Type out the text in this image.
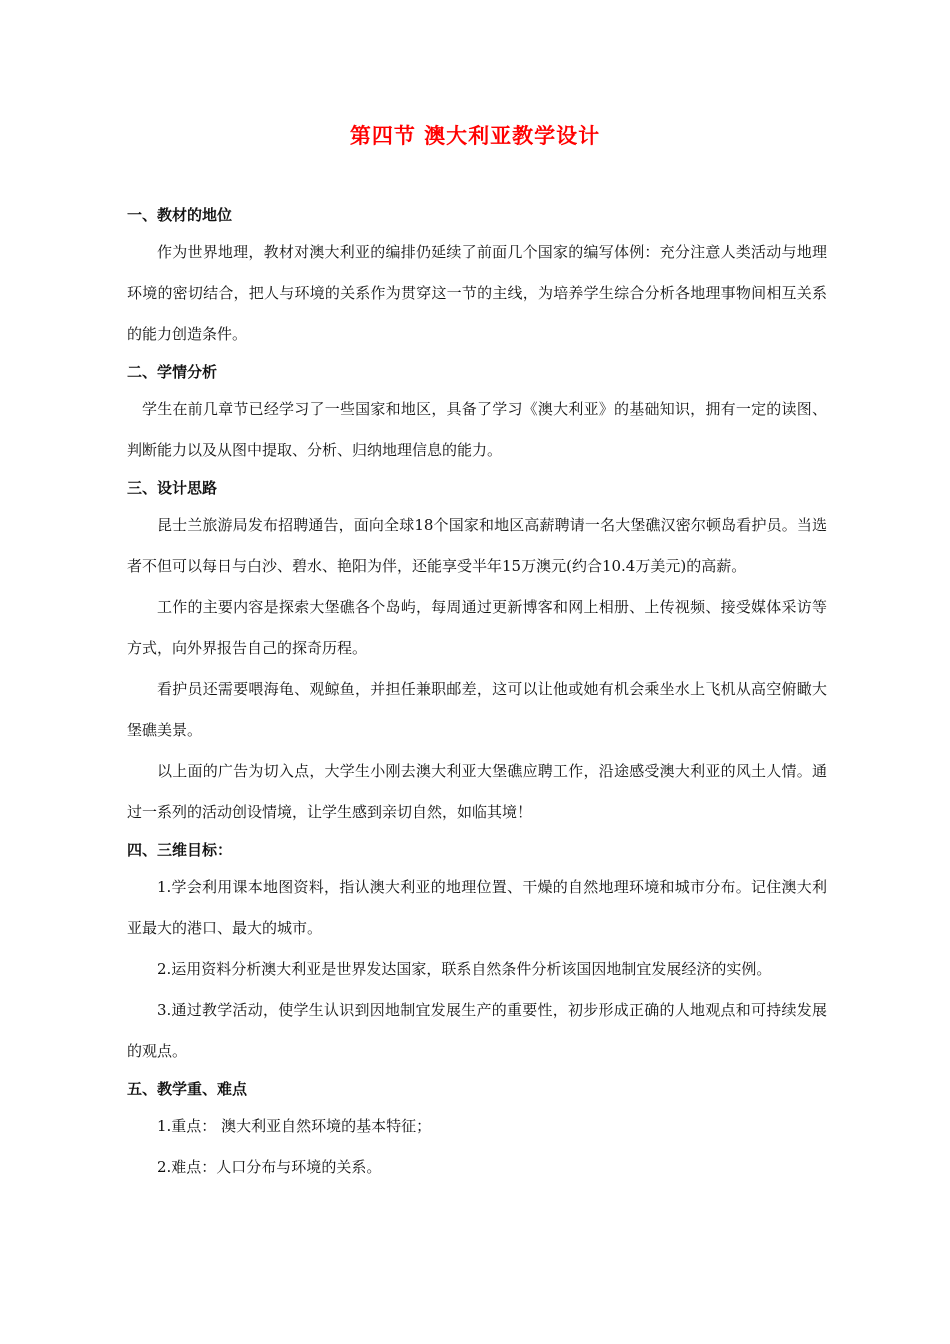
第四节 澳大利亚教学设计
一、教材的地位

作为世界地理，教材对澳大利亚的编排仍延续了前面几个国家的编写体例：充分注意人类活动与地理环境的密切结合，把人与环境的关系作为贯穿这一节的主线，为培养学生综合分析各地理事物间相互关系的能力创造条件。

二、学情分析

学生在前几章节已经学习了一些国家和地区，具备了学习《澳大利亚》的基础知识，拥有一定的读图、判断能力以及从图中提取、分析、归纳地理信息的能力。

三、设计思路

昆士兰旅游局发布招聘通告，面向全球18个国家和地区高薪聘请一名大堡礁汉密尔顿岛看护员。当选者不但可以每日与白沙、碧水、艳阳为伴，还能享受半年15万澳元(约合10.4万美元)的高薪。

工作的主要内容是探索大堡礁各个岛屿，每周通过更新博客和网上相册、上传视频、接受媒体采访等方式，向外界报告自己的探奇历程。

看护员还需要喂海龟、观鲸鱼，并担任兼职邮差，这可以让他或她有机会乘坐水上飞机从高空俯瞰大堡礁美景。

以上面的广告为切入点，大学生小刚去澳大利亚大堡礁应聘工作，沿途感受澳大利亚的风土人情。通过一系列的活动创设情境，让学生感到亲切自然，如临其境！

四、三维目标：

1.学会利用课本地图资料，指认澳大利亚的地理位置、干燥的自然地理环境和城市分布。记住澳大利亚最大的港口、最大的城市。

2.运用资料分析澳大利亚是世界发达国家，联系自然条件分析该国因地制宜发展经济的实例。

3.通过教学活动，使学生认识到因地制宜发展生产的重要性，初步形成正确的人地观点和可持续发展的观点。

五、教学重、难点

1.重点： 澳大利亚自然环境的基本特征；

2.难点：人口分布与环境的关系。
